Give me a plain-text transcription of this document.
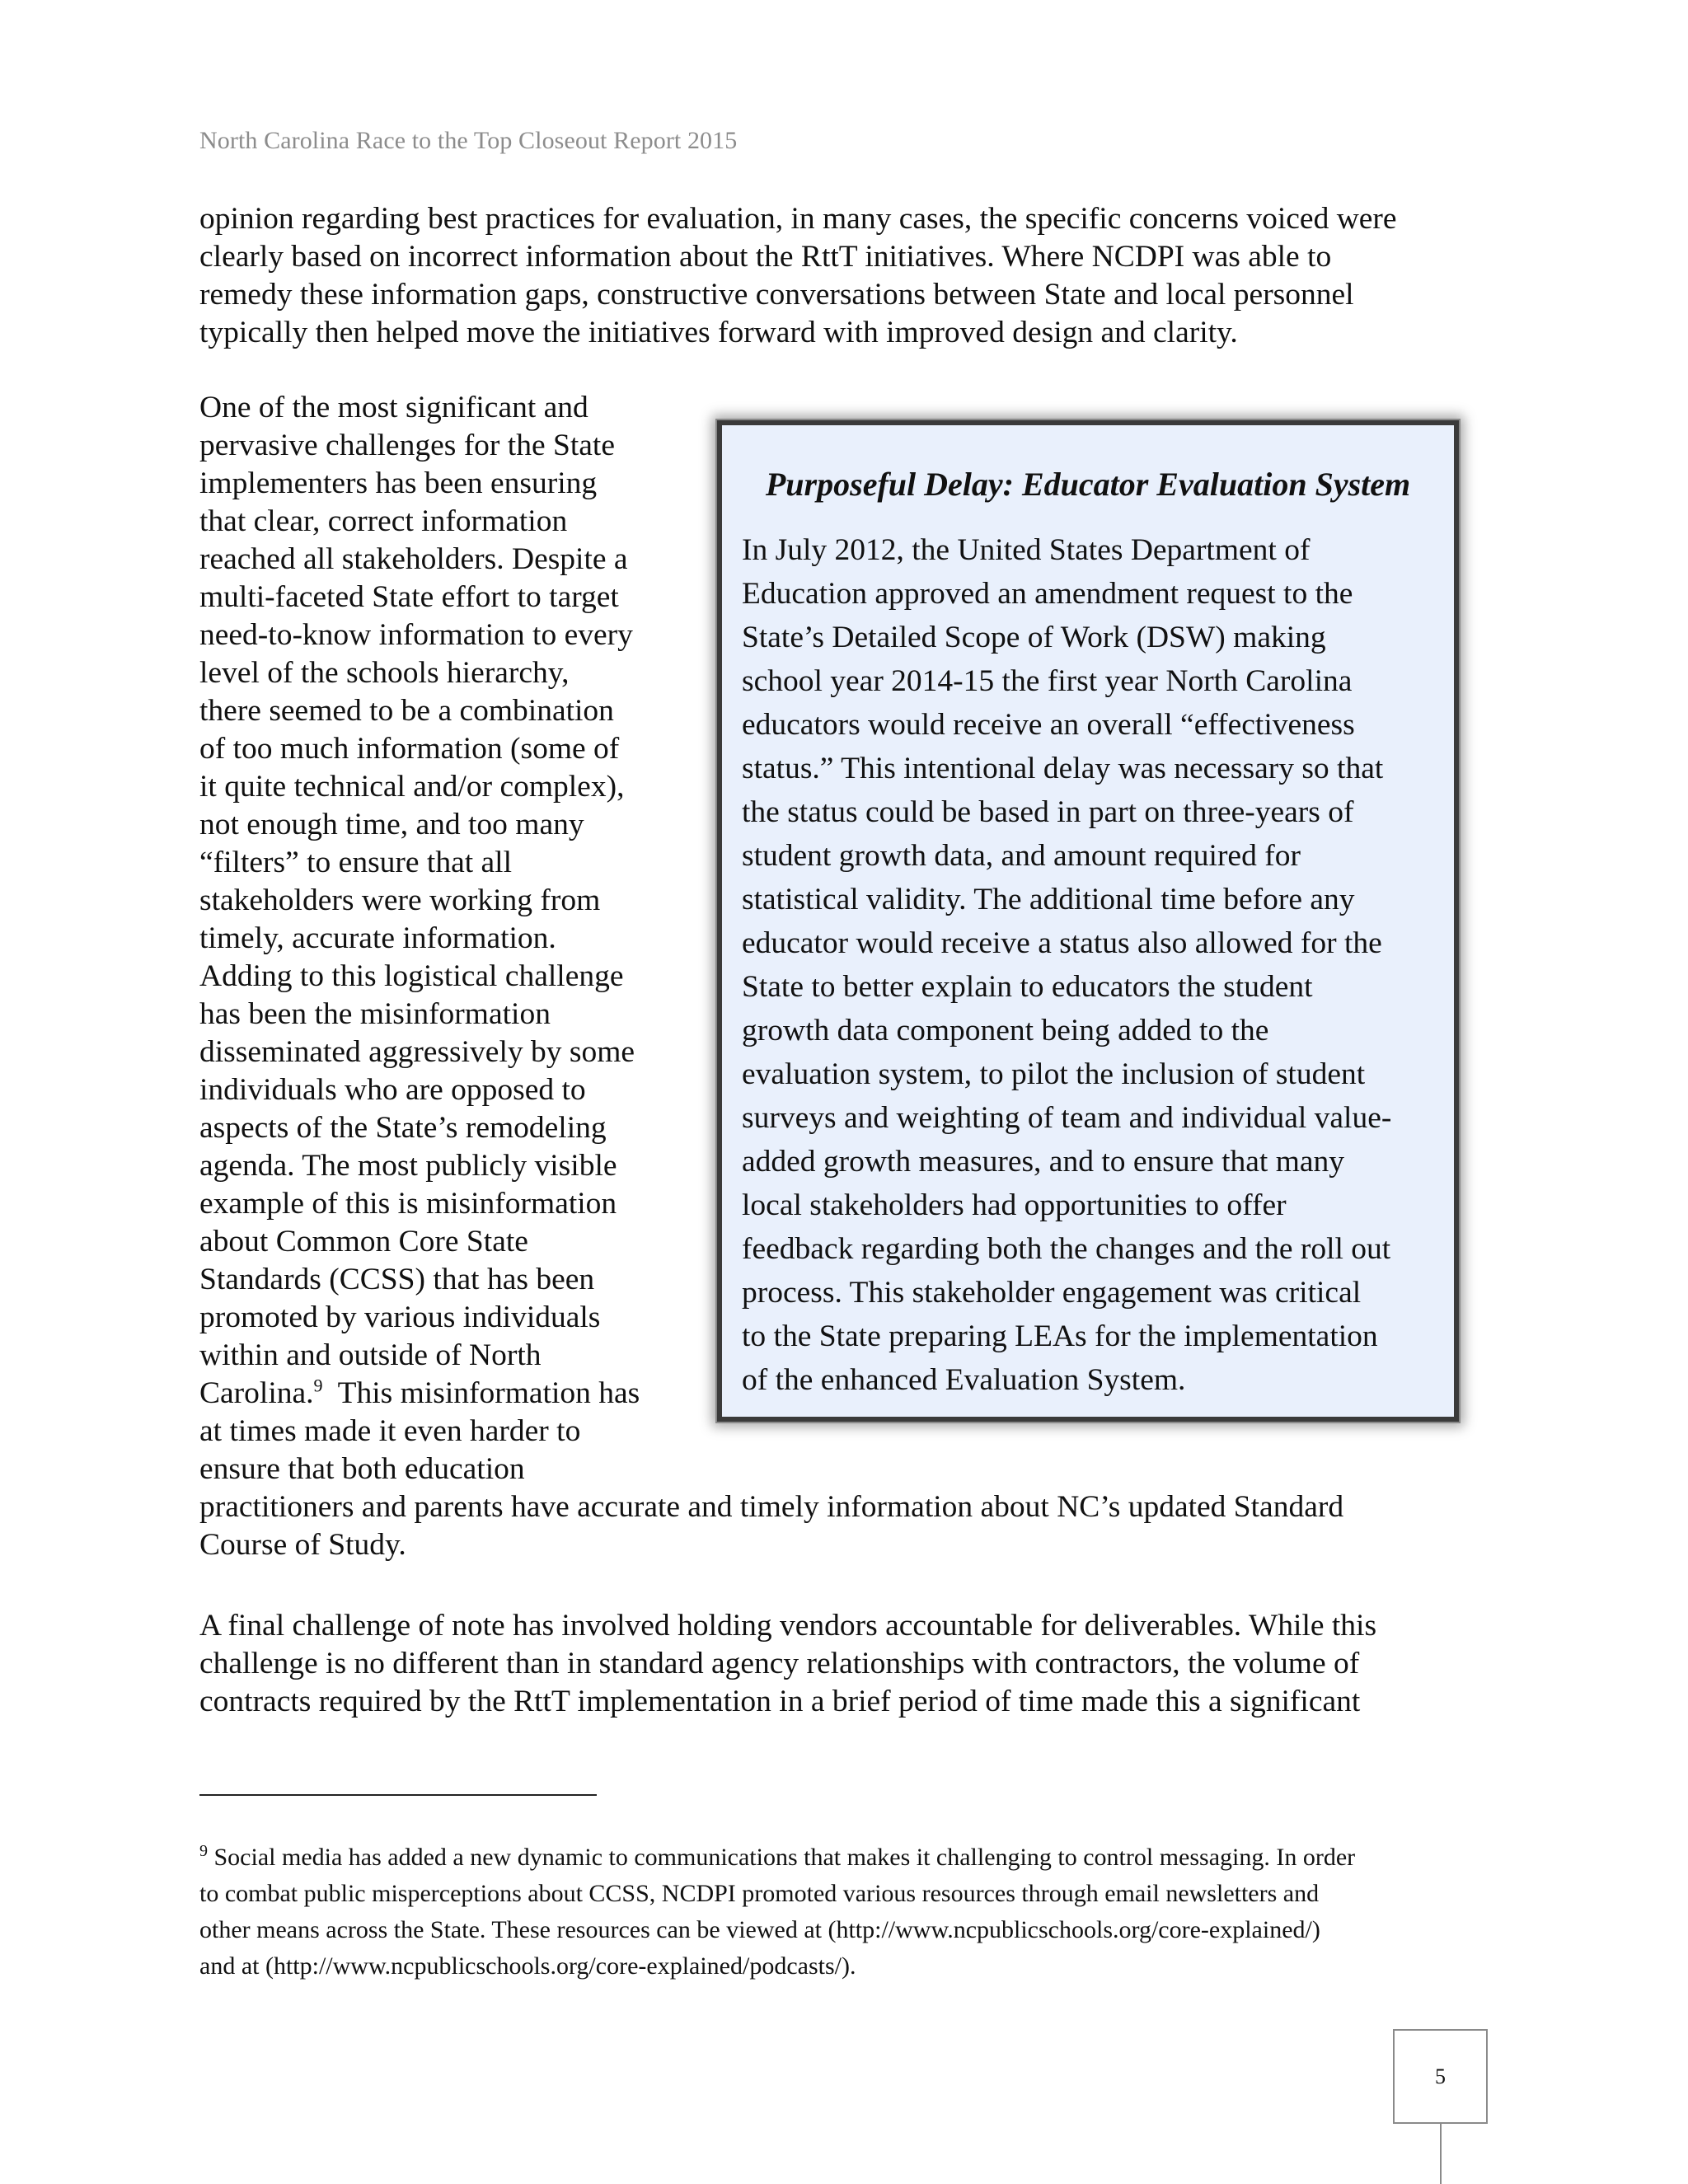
North Carolina Race to the Top Closeout Report 2015
opinion regarding best practices for evaluation, in many cases, the specific concerns voiced were
clearly based on incorrect information about the RttT initiatives. Where NCDPI was able to
remedy these information gaps, constructive conversations between State and local personnel
typically then helped move the initiatives forward with improved design and clarity.
One of the most significant and
pervasive challenges for the State
implementers has been ensuring
that clear, correct information
reached all stakeholders. Despite a
multi-faceted State effort to target
need-to-know information to every
level of the schools hierarchy,
there seemed to be a combination
of too much information (some of
it quite technical and/or complex),
not enough time, and too many
“filters” to ensure that all
stakeholders were working from
timely, accurate information.
Adding to this logistical challenge
has been the misinformation
disseminated aggressively by some
individuals who are opposed to
aspects of the State’s remodeling
agenda. The most publicly visible
example of this is misinformation
about Common Core State
Standards (CCSS) that has been
promoted by various individuals
within and outside of North
Carolina.$^9$  This misinformation has
at times made it even harder to
ensure that both education
practitioners and parents have accurate and timely information about NC’s updated Standard
Course of Study.
Purposeful Delay: Educator Evaluation System
In July 2012, the United States Department of
Education approved an amendment request to the
State’s Detailed Scope of Work (DSW) making
school year 2014-15 the first year North Carolina
educators would receive an overall “effectiveness
status.” This intentional delay was necessary so that
the status could be based in part on three-years of
student growth data, and amount required for
statistical validity. The additional time before any
educator would receive a status also allowed for the
State to better explain to educators the student
growth data component being added to the
evaluation system, to pilot the inclusion of student
surveys and weighting of team and individual value-
added growth measures, and to ensure that many
local stakeholders had opportunities to offer
feedback regarding both the changes and the roll out
process. This stakeholder engagement was critical
to the State preparing LEAs for the implementation
of the enhanced Evaluation System.
A final challenge of note has involved holding vendors accountable for deliverables. While this
challenge is no different than in standard agency relationships with contractors, the volume of
contracts required by the RttT implementation in a brief period of time made this a significant
$^9$ Social media has added a new dynamic to communications that makes it challenging to control messaging. In order
to combat public misperceptions about CCSS, NCDPI promoted various resources through email newsletters and
other means across the State. These resources can be viewed at (http://www.ncpublicschools.org/core-explained/)
and at (http://www.ncpublicschools.org/core-explained/podcasts/).
5
